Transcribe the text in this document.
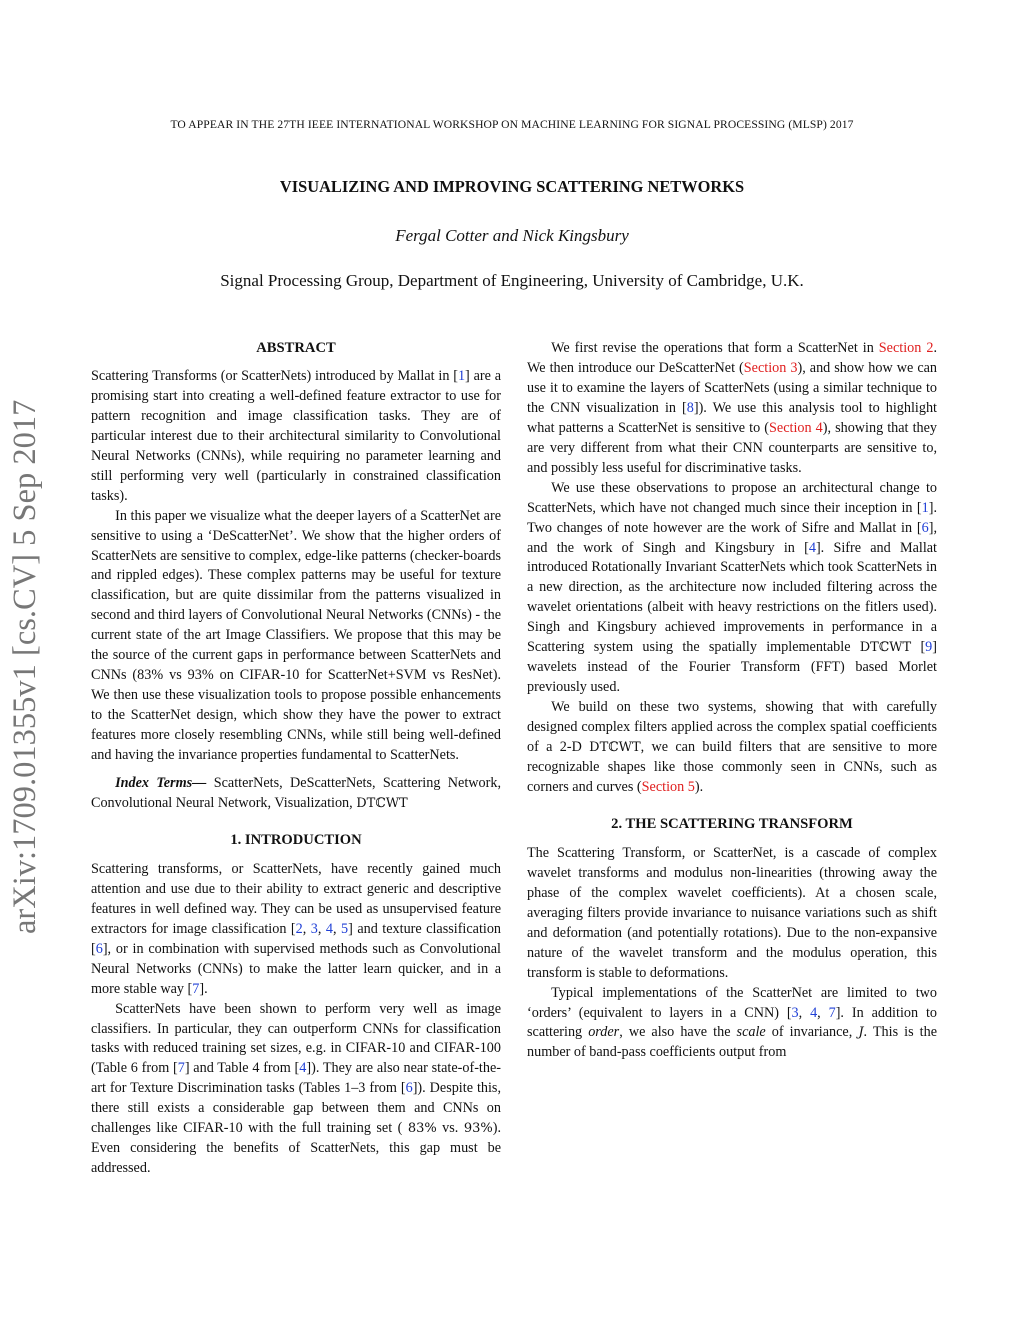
TO APPEAR IN THE 27TH IEEE INTERNATIONAL WORKSHOP ON MACHINE LEARNING FOR SIGNAL PROCESSING (MLSP) 2017
VISUALIZING AND IMPROVING SCATTERING NETWORKS
Fergal Cotter and Nick Kingsbury
Signal Processing Group, Department of Engineering, University of Cambridge, U.K.
arXiv:1709.01355v1 [cs.CV] 5 Sep 2017

ABSTRACT

Scattering Transforms (or ScatterNets) introduced by Mallat in [1] are a promising start into creating a well-defined feature extractor to use for pattern recognition and image classification tasks. They are of particular interest due to their architectural similarity to Convolutional Neural Networks (CNNs), while requiring no parameter learning and still performing very well (particularly in constrained classification tasks).

In this paper we visualize what the deeper layers of a ScatterNet are sensitive to using a ‘DeScatterNet’. We show that the higher orders of ScatterNets are sensitive to complex, edge-like patterns (checker-boards and rippled edges). These complex patterns may be useful for texture classification, but are quite dissimilar from the patterns visualized in second and third layers of Convolutional Neural Networks (CNNs) - the current state of the art Image Classifiers. We propose that this may be the source of the current gaps in performance between ScatterNets and CNNs (83% vs 93% on CIFAR-10 for ScatterNet+SVM vs ResNet). We then use these visualization tools to propose possible enhancements to the ScatterNet design, which show they have the power to extract features more closely resembling CNNs, while still being well-defined and having the invariance properties fundamental to ScatterNets.

Index Terms— ScatterNets, DeScatterNets, Scattering Network, Convolutional Neural Network, Visualization, DTℂWT

1. INTRODUCTION

Scattering transforms, or ScatterNets, have recently gained much attention and use due to their ability to extract generic and descriptive features in well defined way. They can be used as unsupervised feature extractors for image classification [2, 3, 4, 5] and texture classification [6], or in combination with supervised methods such as Convolutional Neural Networks (CNNs) to make the latter learn quicker, and in a more stable way [7].

ScatterNets have been shown to perform very well as image classifiers. In particular, they can outperform CNNs for classification tasks with reduced training set sizes, e.g. in CIFAR-10 and CIFAR-100 (Table 6 from [7] and Table 4 from [4]). They are also near state-of-the-art for Texture Discrimination tasks (Tables 1–3 from [6]). Despite this, there still exists a considerable gap between them and CNNs on challenges like CIFAR-10 with the full training set ( 83% vs. 93%). Even considering the benefits of ScatterNets, this gap must be addressed.

We first revise the operations that form a ScatterNet in Section 2. We then introduce our DeScatterNet (Section 3), and show how we can use it to examine the layers of ScatterNets (using a similar technique to the CNN visualization in [8]). We use this analysis tool to highlight what patterns a ScatterNet is sensitive to (Section 4), showing that they are very different from what their CNN counterparts are sensitive to, and possibly less useful for discriminative tasks.

We use these observations to propose an architectural change to ScatterNets, which have not changed much since their inception in [1]. Two changes of note however are the work of Sifre and Mallat in [6], and the work of Singh and Kingsbury in [4]. Sifre and Mallat introduced Rotationally Invariant ScatterNets which took ScatterNets in a new direction, as the architecture now included filtering across the wavelet orientations (albeit with heavy restrictions on the fitlers used). Singh and Kingsbury achieved improvements in performance in a Scattering system using the spatially implementable DTℂWT [9] wavelets instead of the Fourier Transform (FFT) based Morlet previously used.

We build on these two systems, showing that with carefully designed complex filters applied across the complex spatial coefficients of a 2-D DTℂWT, we can build filters that are sensitive to more recognizable shapes like those commonly seen in CNNs, such as corners and curves (Section 5).

2. THE SCATTERING TRANSFORM

The Scattering Transform, or ScatterNet, is a cascade of complex wavelet transforms and modulus non-linearities (throwing away the phase of the complex wavelet coefficients). At a chosen scale, averaging filters provide invariance to nuisance variations such as shift and deformation (and potentially rotations). Due to the non-expansive nature of the wavelet transform and the modulus operation, this transform is stable to deformations.

Typical implementations of the ScatterNet are limited to two ‘orders’ (equivalent to layers in a CNN) [3, 4, 7]. In addition to scattering order, we also have the scale of invariance, J. This is the number of band-pass coefficients output from
